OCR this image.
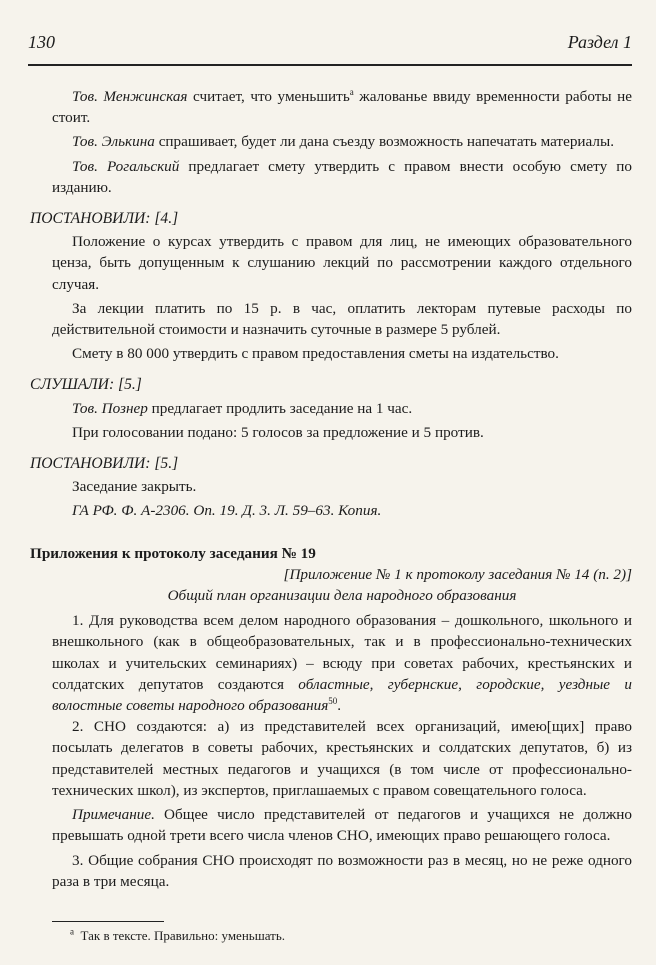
130	Раздел 1

Тов. Менжинская считает, что уменьшить$^а$ жалованье ввиду временности работы не стоит.

Тов. Элькина спрашивает, будет ли дана съезду возможность напечатать материалы.

Тов. Рогальский предлагает смету утвердить с правом внести особую смету по изданию.

ПОСТАНОВИЛИ: [4.]

Положение о курсах утвердить с правом для лиц, не имеющих образовательного ценза, быть допущенным к слушанию лекций по рассмотрении каждого отдельного случая.

За лекции платить по 15 р. в час, оплатить лекторам путевые расходы по действительной стоимости и назначить суточные в размере 5 рублей.

Смету в 80 000 утвердить с правом предоставления сметы на издательство.

СЛУШАЛИ: [5.]

Тов. Познер предлагает продлить заседание на 1 час.

При голосовании подано: 5 голосов за предложение и 5 против.

ПОСТАНОВИЛИ: [5.]

Заседание закрыть.

ГА РФ. Ф. А-2306. Оп. 19. Д. 3. Л. 59–63. Копия.

Приложения к протоколу заседания № 19
[Приложение № 1 к протоколу заседания № 14 (п. 2)]
Общий план организации дела народного образования

1. Для руководства всем делом народного образования – дошкольного, школьного и внешкольного (как в общеобразовательных, так и в профессионально-технических школах и учительских семинариях) – всюду при советах рабочих, крестьянских и солдатских депутатов создаются областные, губернские, городские, уездные и волостные советы народного образования$^{50}$.

2. СНО создаются: а) из представителей всех организаций, имею[щих] право посылать делегатов в советы рабочих, крестьянских и солдатских депутатов, б) из представителей местных педагогов и учащихся (в том числе от профессионально-технических школ), из экспертов, приглашаемых с правом совещательного голоса.

Примечание. Общее число представителей от педагогов и учащихся не должно превышать одной трети всего числа членов СНО, имеющих право решающего голоса.

3. Общие собрания СНО происходят по возможности раз в месяц, но не реже одного раза в три месяца.

$^а$ Так в тексте. Правильно: уменьшать.
